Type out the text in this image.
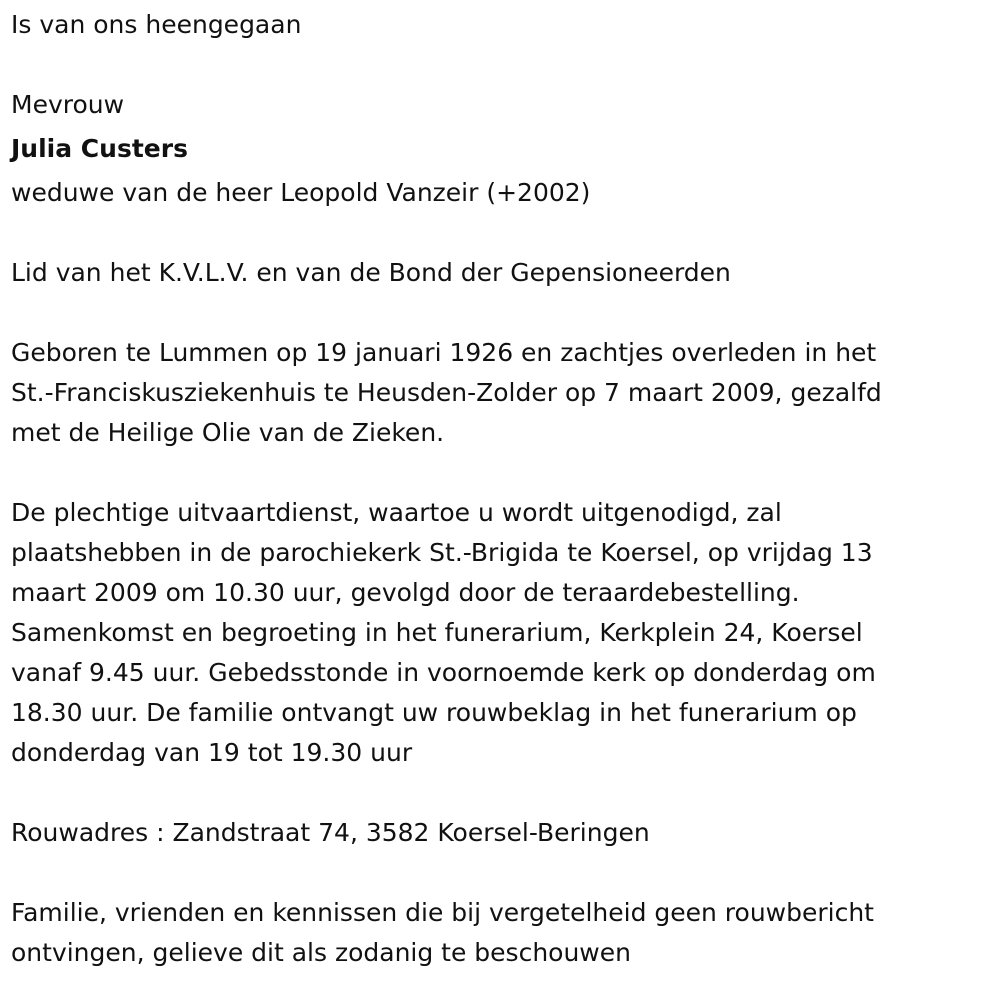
Is van ons heengegaan

Mevrouw

Julia Custers

weduwe van de heer Leopold Vanzeir (+2002)

Lid van het K.V.L.V. en van de Bond der Gepensioneerden

Geboren te Lummen op 19 januari 1926 en zachtjes overleden in het

St.-Franciskusziekenhuis te Heusden-Zolder op 7 maart 2009, gezalfd

met de Heilige Olie van de Zieken.

De plechtige uitvaartdienst, waartoe u wordt uitgenodigd, zal

plaatshebben in de parochiekerk St.-Brigida te Koersel, op vrijdag 13

maart 2009 om 10.30 uur, gevolgd door de teraardebestelling.

Samenkomst en begroeting in het funerarium, Kerkplein 24, Koersel

vanaf 9.45 uur. Gebedsstonde in voornoemde kerk op donderdag om

18.30 uur. De familie ontvangt uw rouwbeklag in het funerarium op

donderdag van 19 tot 19.30 uur

Rouwadres : Zandstraat 74, 3582 Koersel-Beringen

Familie, vrienden en kennissen die bij vergetelheid geen rouwbericht

ontvingen, gelieve dit als zodanig te beschouwen
